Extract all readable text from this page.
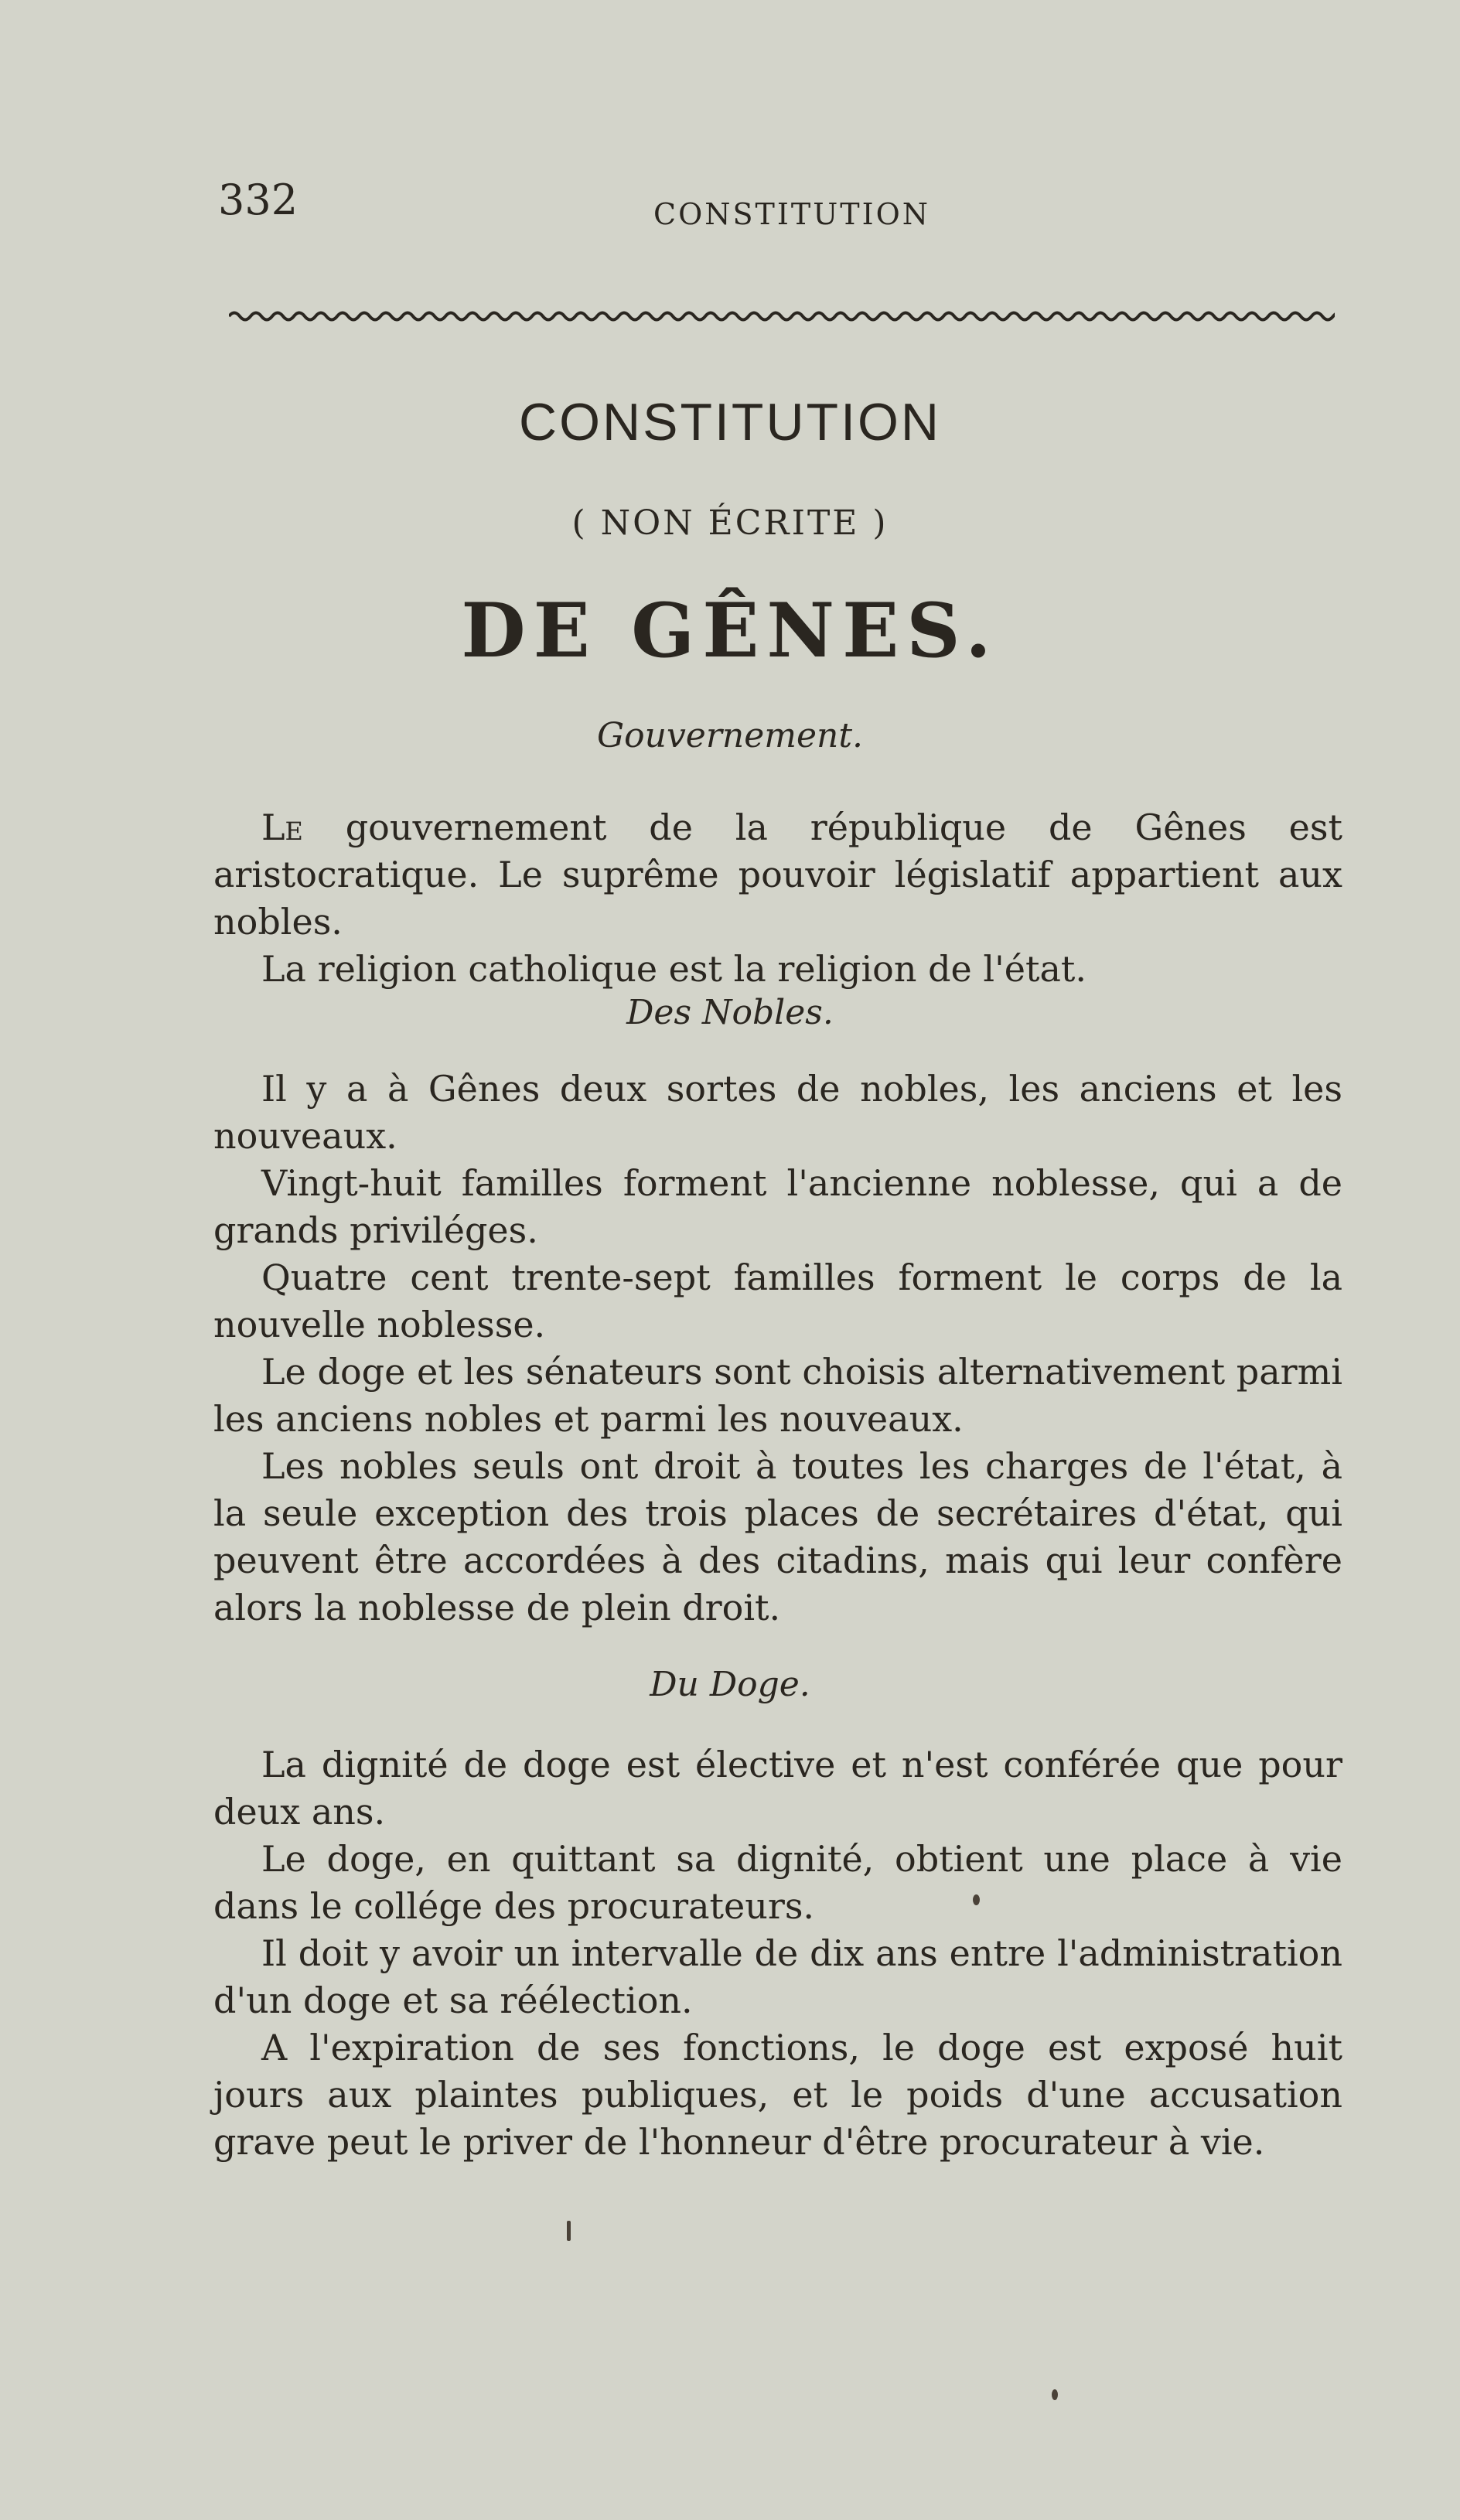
332	CONSTITUTION
CONSTITUTION
( NON ÉCRITE )
DE GÊNES.
Gouvernement.

Le gouvernement de la république de Gênes est aristocratique. Le suprême pouvoir législatif appartient aux nobles.

La religion catholique est la religion de l'état.

Des Nobles.

Il y a à Gênes deux sortes de nobles, les anciens et les nouveaux.

Vingt-huit familles forment l'ancienne noblesse, qui a de grands priviléges.

Quatre cent trente-sept familles forment le corps de la nouvelle noblesse.

Le doge et les sénateurs sont choisis alternativement parmi les anciens nobles et parmi les nouveaux.

Les nobles seuls ont droit à toutes les charges de l'état, à la seule exception des trois places de secrétaires d'état, qui peuvent être accordées à des citadins, mais qui leur confère alors la noblesse de plein droit.

Du Doge.

La dignité de doge est élective et n'est conférée que pour deux ans.

Le doge, en quittant sa dignité, obtient une place à vie dans le collége des procurateurs.

Il doit y avoir un intervalle de dix ans entre l'administration d'un doge et sa réélection.

A l'expiration de ses fonctions, le doge est exposé huit jours aux plaintes publiques, et le poids d'une accusation grave peut le priver de l'honneur d'être procurateur à vie.
